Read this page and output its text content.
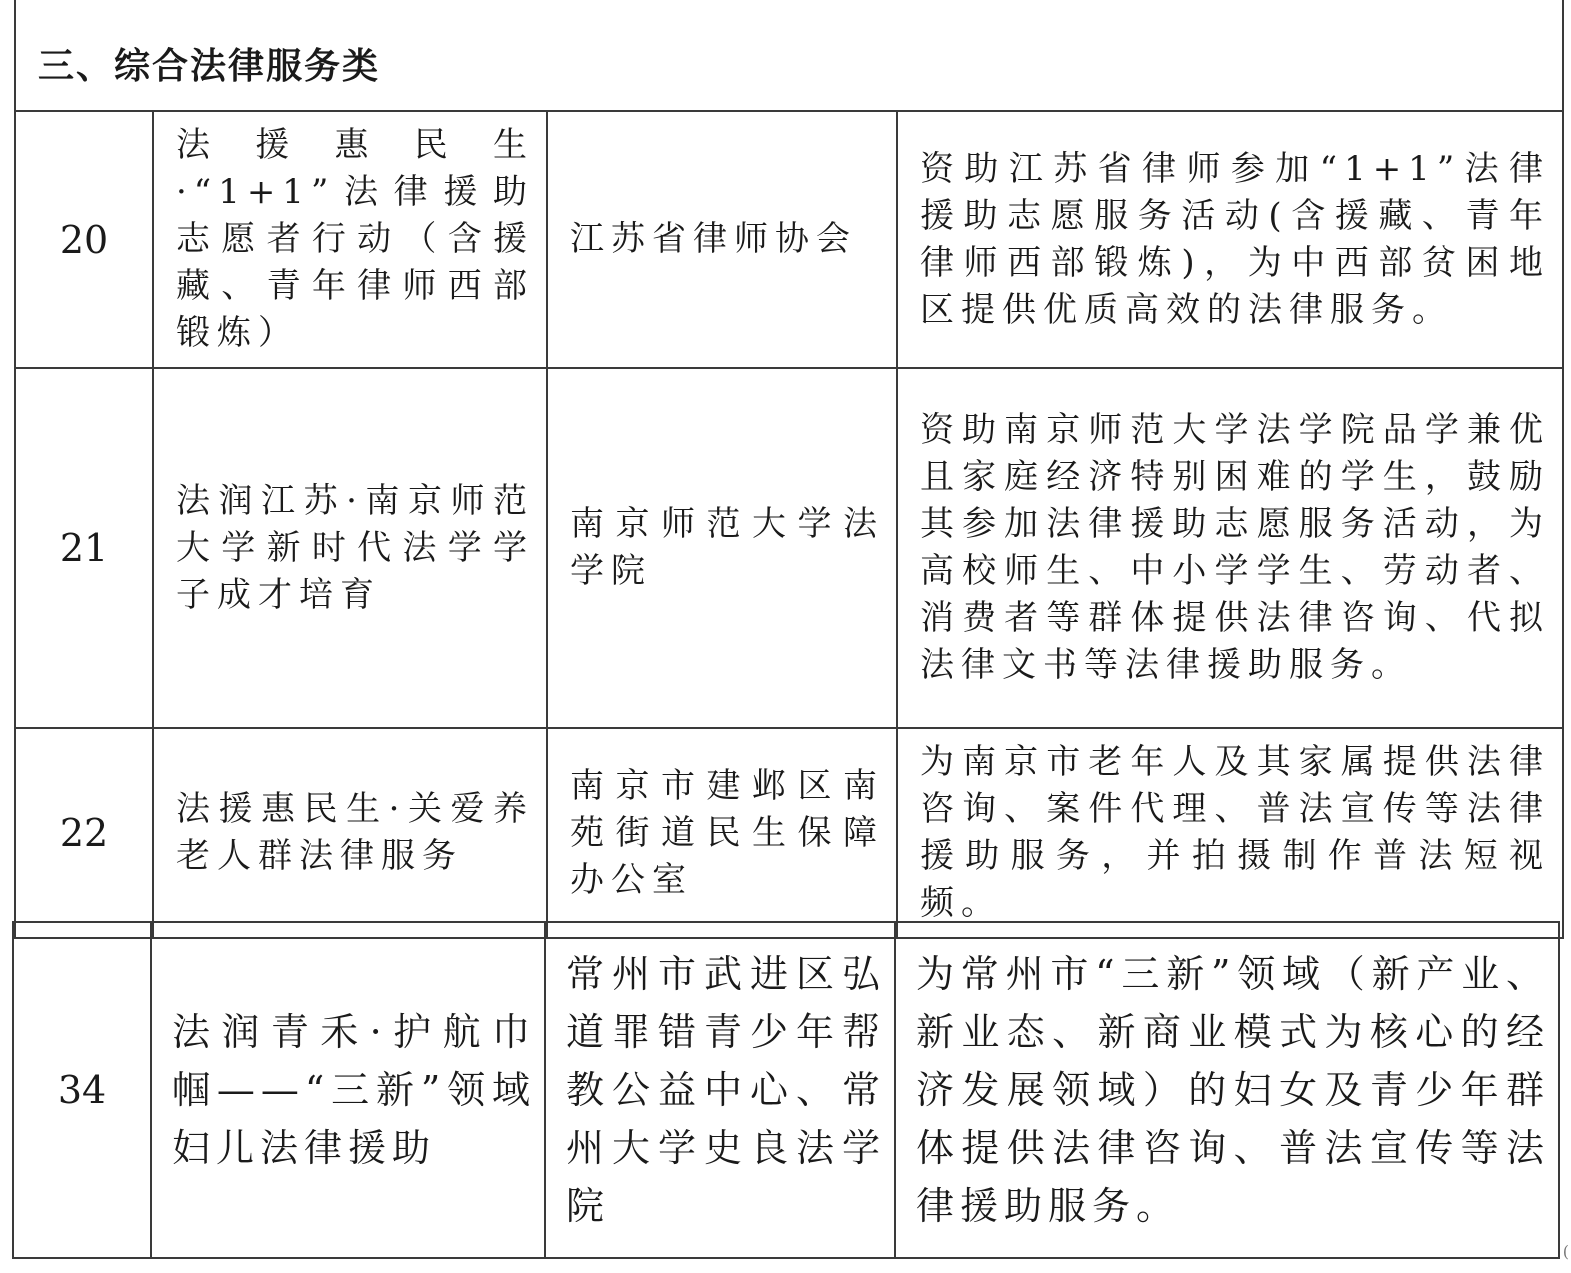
三、综合法律服务类			
20	法援惠民生·“1+1”法律援助志愿者行动（含援藏、青年律师西部锻炼）	江苏省律师协会	资助江苏省律师参加“1+1”法律援助志愿服务活动(含援藏、青年律师西部锻炼)，为中西部贫困地区提供优质高效的法律服务。
21	法润江苏·南京师范大学新时代法学学子成才培育	南京师范大学法学院	资助南京师范大学法学院品学兼优且家庭经济特别困难的学生，鼓励其参加法律援助志愿服务活动，为高校师生、中小学学生、劳动者、消费者等群体提供法律咨询、代拟法律文书等法律援助服务。
22	法援惠民生·关爱养老人群法律服务	南京市建邺区南苑街道民生保障办公室	为南京市老年人及其家属提供法律咨询、案件代理、普法宣传等法律援助服务，并拍摄制作普法短视频。
34	法润青禾·护航巾帼——“三新”领域妇儿法律援助	常州市武进区弘道罪错青少年帮教公益中心、常州大学史良法学院	为常州市“三新”领域（新产业、新业态、新商业模式为核心的经济发展领域）的妇女及青少年群体提供法律咨询、普法宣传等法律援助服务。
(
